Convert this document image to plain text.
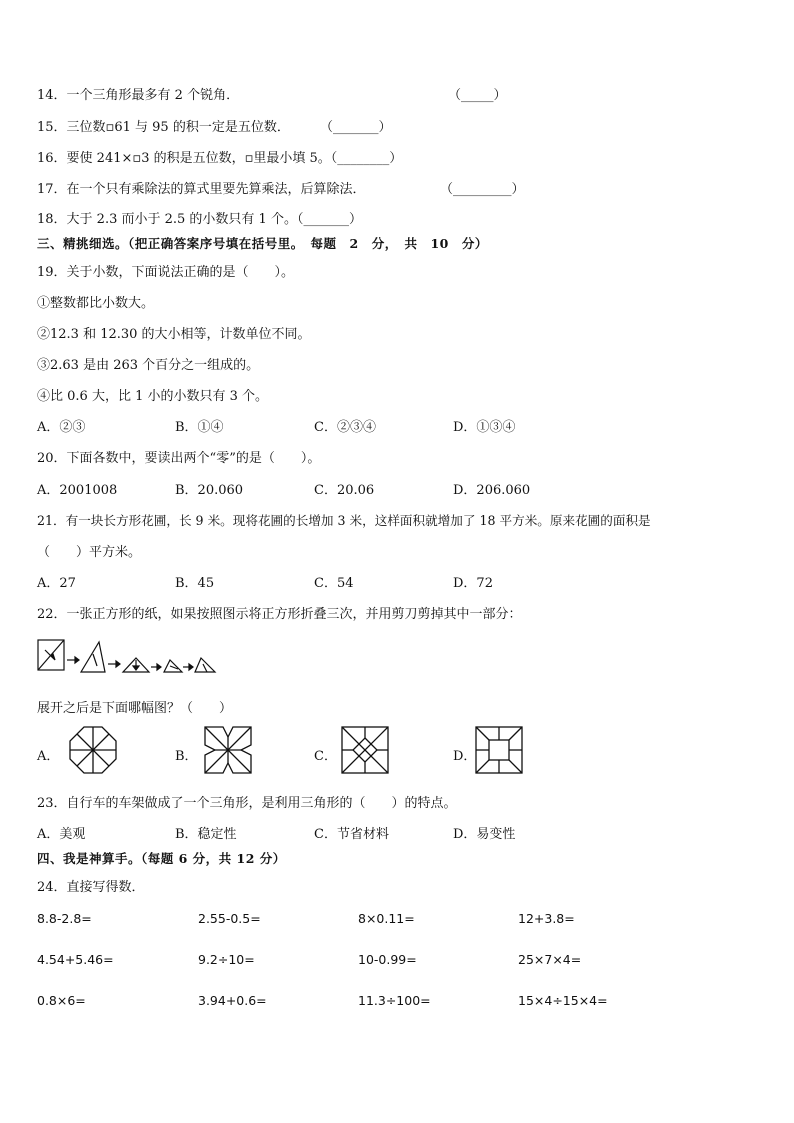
14．一个三角形最多有 2 个锐角．	（_____）
15．三位数▫61 与 95 的积一定是五位数． （_______）
16．要使 241×▫3 的积是五位数，▫里最小填 5。（________）
17．在一个只有乘除法的算式里要先算乘法，后算除法．	（_________）
18．大于 2.3 而小于 2.5 的小数只有 1 个。（_______）
三、精挑细选。（把正确答案序号填在括号里。　每题　2　分，　共　10　分）
19．关于小数，下面说法正确的是（　　）。
①整数都比小数大。
②12.3 和 12.30 的大小相等，计数单位不同。
③2.63 是由 263 个百分之一组成的。
④比 0.6 大，比 1 小的小数只有 3 个。
A．②③	B．①④	C．②③④	D．①③④
20．下面各数中，要读出两个“零”的是（　　）。
A．2001008	B．20.060	C．20.06	D．206.060
21．有一块长方形花圃，长 9 米。现将花圃的长增加 3 米，这样面积就增加了 18 平方米。原来花圃的面积是
（　　）平方米。
A．27	B．45	C．54	D．72
22．一张正方形的纸，如果按照图示将正方形折叠三次，并用剪刀剪掉其中一部分：
展开之后是下面哪幅图？（　　）
A．	B．	C．	D．
23．自行车的车架做成了一个三角形，是利用三角形的（　　）的特点。
A．美观	B．稳定性	C．节省材料	D．易变性
四、我是神算手。（每题 6 分，共 12 分）
24．直接写得数．
8.8-2.8=	2.55-0.5=	8×0.11=	12+3.8=
4.54+5.46=	9.2÷10=	10-0.99=	25×7×4=
0.8×6=	3.94+0.6=	11.3÷100=	15×4÷15×4=
